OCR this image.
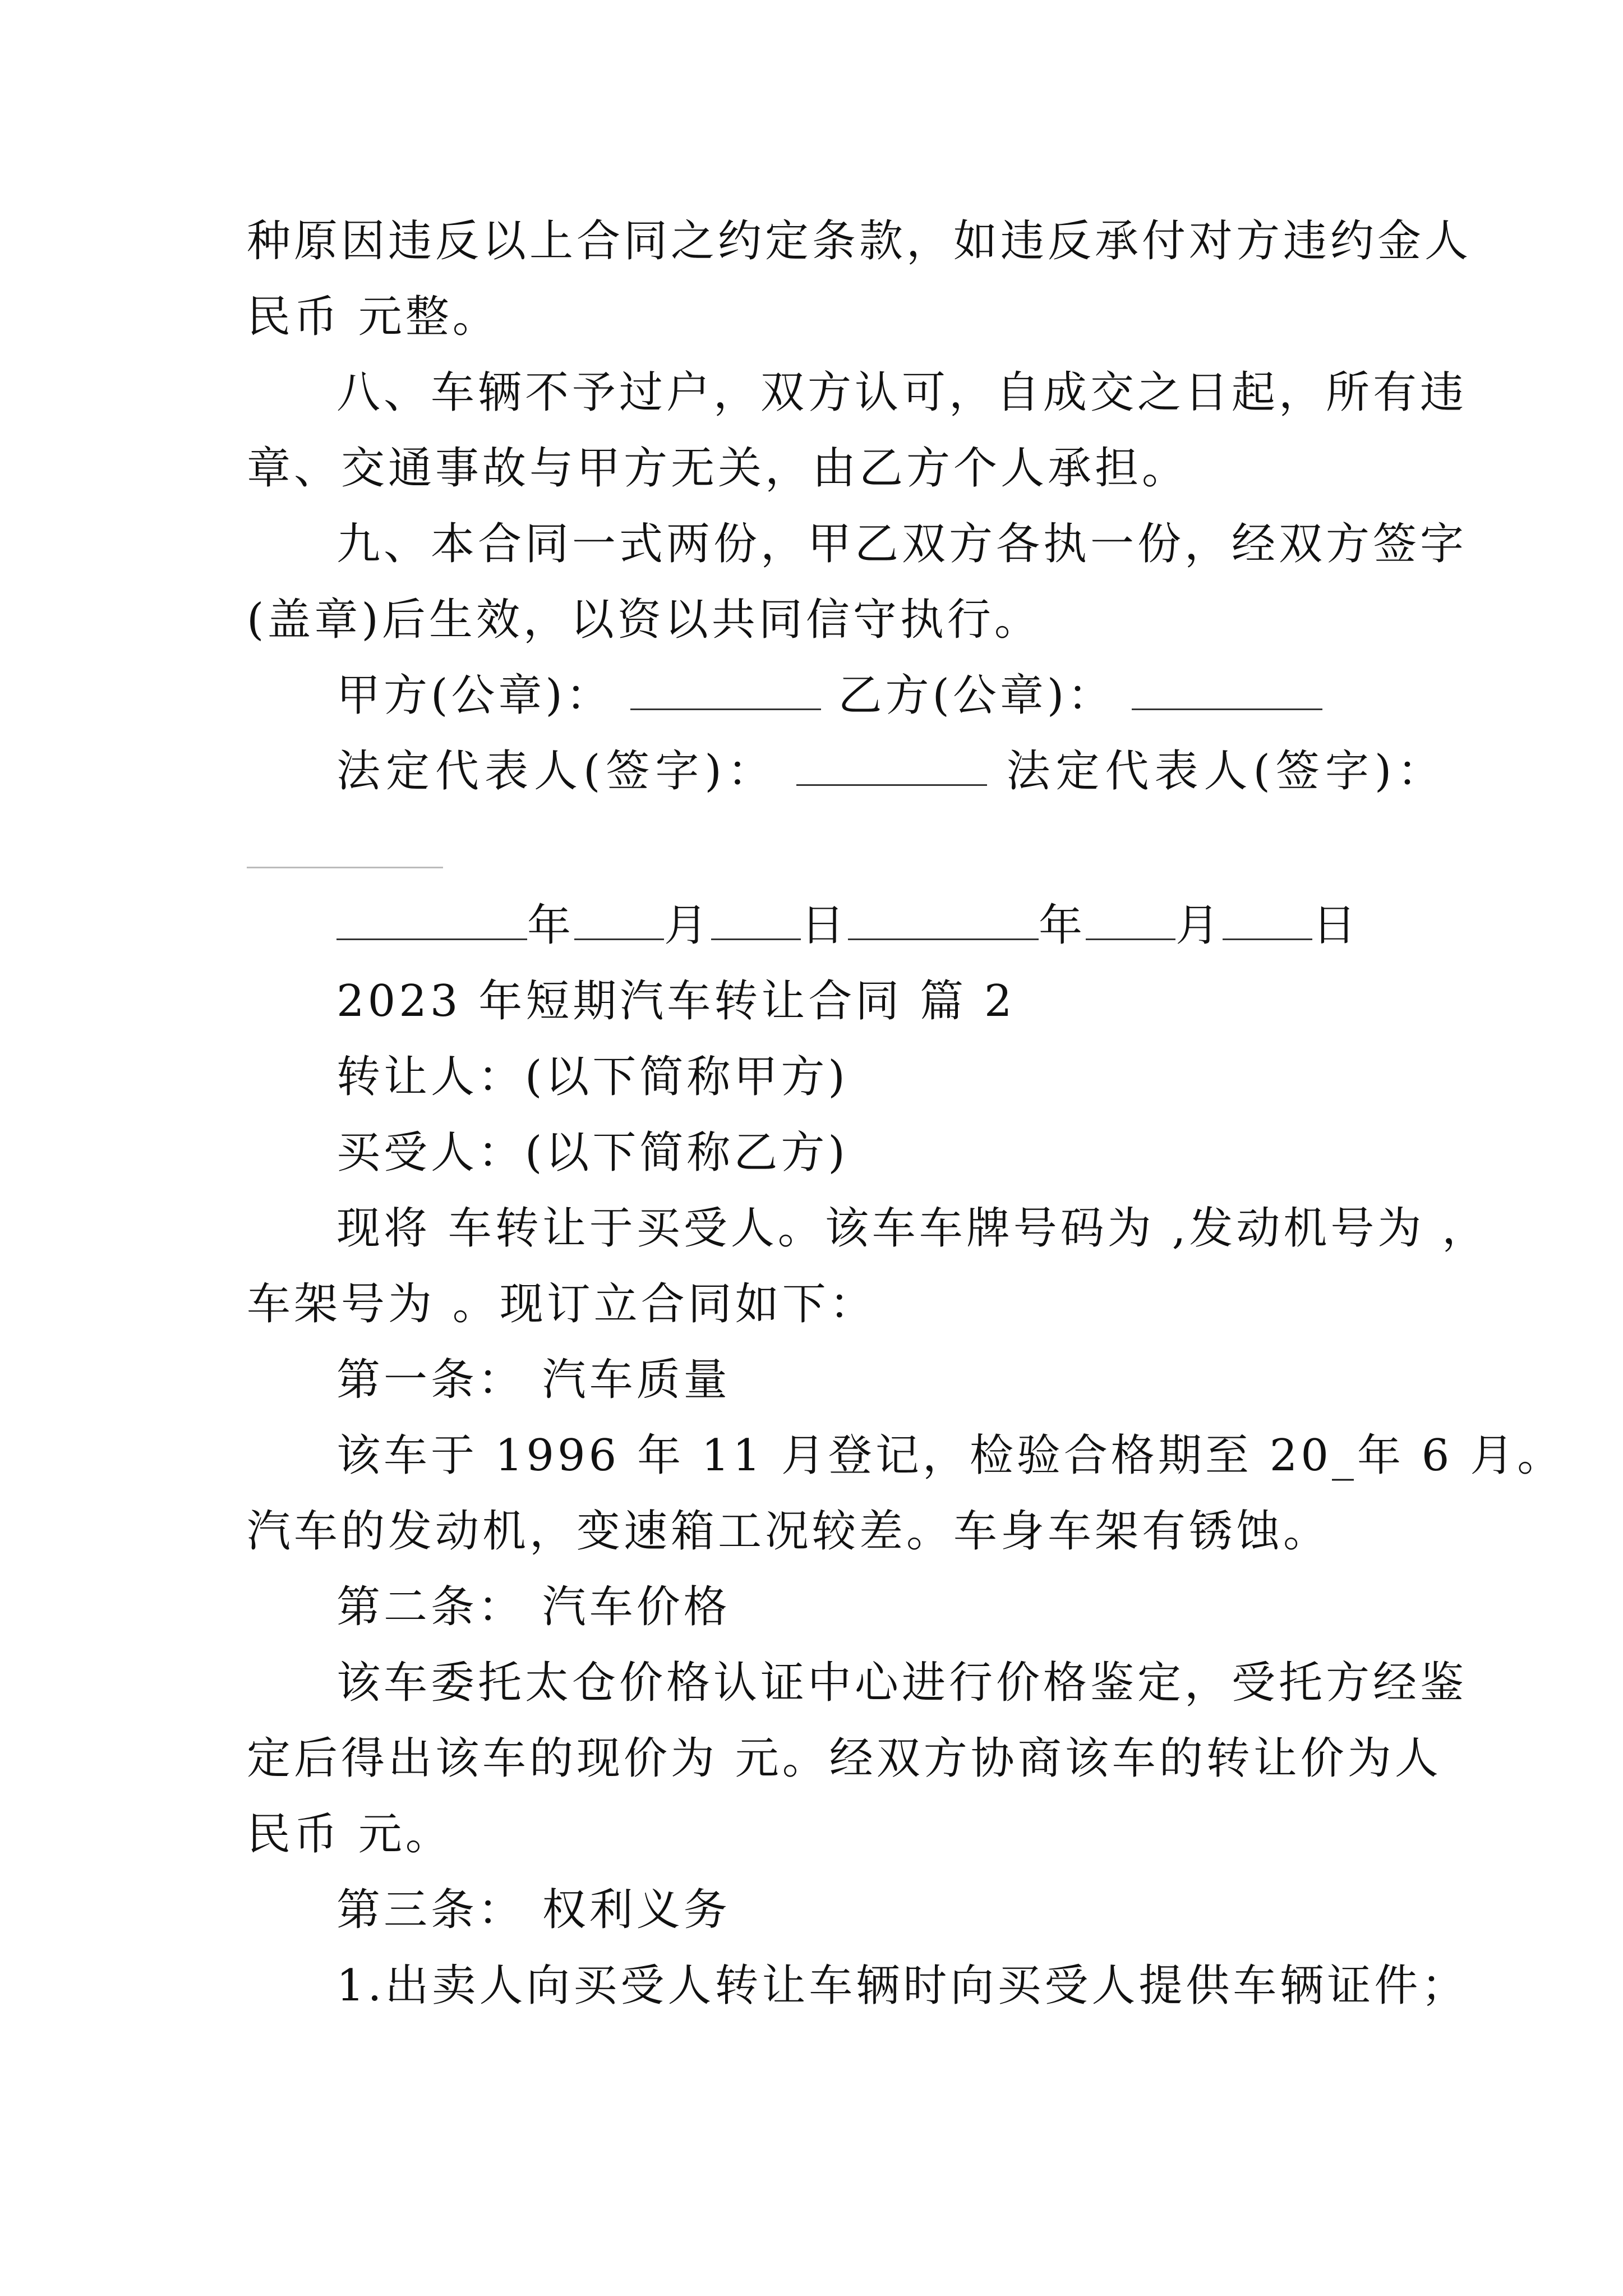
种原因违反以上合同之约定条款，如违反承付对方违约金人
民币 元整。
八、车辆不予过户，双方认可，自成交之日起，所有违
章、交通事故与甲方无关，由乙方个人承担。
九、本合同一式两份，甲乙双方各执一份，经双方签字
(盖章)后生效，以资以共同信守执行。
甲方(公章)：	乙方(公章)：
法定代表人(签字)：	法定代表人(签字)：
年 月 日	年 月 日
2023 年短期汽车转让合同 篇 2
转让人：(以下简称甲方)
买受人：(以下简称乙方)
现将 车转让于买受人。该车车牌号码为 ,发动机号为 ，
车架号为 。现订立合同如下：
第一条： 汽车质量
该车于 1996 年 11 月登记，检验合格期至 20_年 6 月。
汽车的发动机，变速箱工况较差。车身车架有锈蚀。
第二条： 汽车价格
该车委托太仓价格认证中心进行价格鉴定，受托方经鉴
定后得出该车的现价为 元。经双方协商该车的转让价为人
民币 元。
第三条： 权利义务
1.出卖人向买受人转让车辆时向买受人提供车辆证件；
